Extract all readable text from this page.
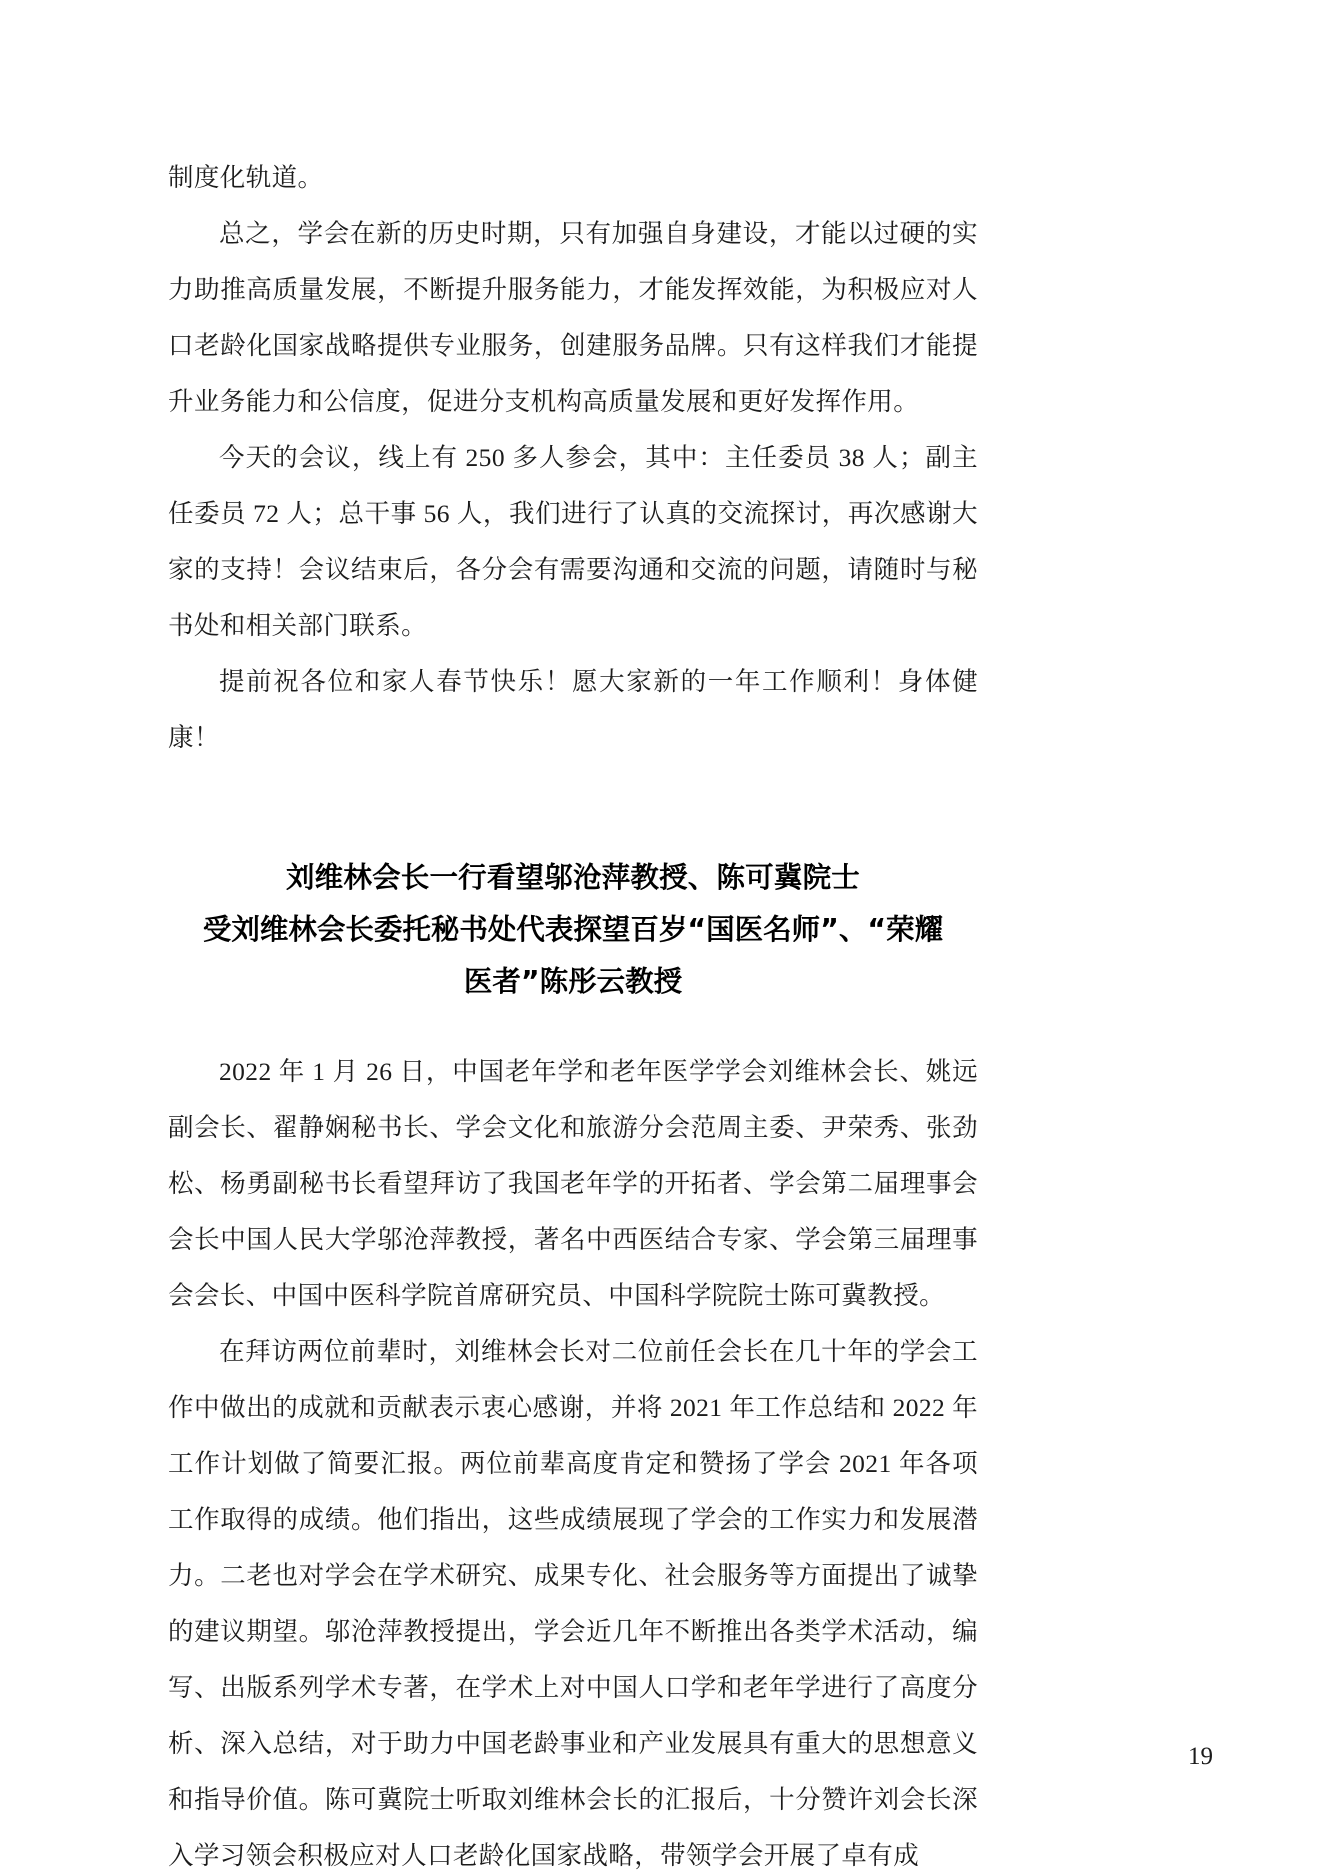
制度化轨道。

总之，学会在新的历史时期，只有加强自身建设，才能以过硬的实力助推高质量发展，不断提升服务能力，才能发挥效能，为积极应对人口老龄化国家战略提供专业服务，创建服务品牌。只有这样我们才能提升业务能力和公信度，促进分支机构高质量发展和更好发挥作用。

今天的会议，线上有 250 多人参会，其中：主任委员 38 人；副主任委员 72 人；总干事 56 人，我们进行了认真的交流探讨，再次感谢大家的支持！会议结束后，各分会有需要沟通和交流的问题，请随时与秘书处和相关部门联系。

提前祝各位和家人春节快乐！愿大家新的一年工作顺利！身体健康！

刘维林会长一行看望邬沧萍教授、陈可冀院士
受刘维林会长委托秘书处代表探望百岁“国医名师”、“荣耀
医者”陈彤云教授

2022 年 1 月 26 日，中国老年学和老年医学学会刘维林会长、姚远副会长、翟静娴秘书长、学会文化和旅游分会范周主委、尹荣秀、张劲松、杨勇副秘书长看望拜访了我国老年学的开拓者、学会第二届理事会会长中国人民大学邬沧萍教授，著名中西医结合专家、学会第三届理事会会长、中国中医科学院首席研究员、中国科学院院士陈可冀教授。

在拜访两位前辈时，刘维林会长对二位前任会长在几十年的学会工作中做出的成就和贡献表示衷心感谢，并将 2021 年工作总结和 2022 年工作计划做了简要汇报。两位前辈高度肯定和赞扬了学会 2021 年各项工作取得的成绩。他们指出，这些成绩展现了学会的工作实力和发展潜力。二老也对学会在学术研究、成果专化、社会服务等方面提出了诚挚的建议期望。邬沧萍教授提出，学会近几年不断推出各类学术活动，编写、出版系列学术专著，在学术上对中国人口学和老年学进行了高度分析、深入总结，对于助力中国老龄事业和产业发展具有重大的思想意义和指导价值。陈可冀院士听取刘维林会长的汇报后，十分赞许刘会长深入学习领会积极应对人口老龄化国家战略，带领学会开展了卓有成

19
